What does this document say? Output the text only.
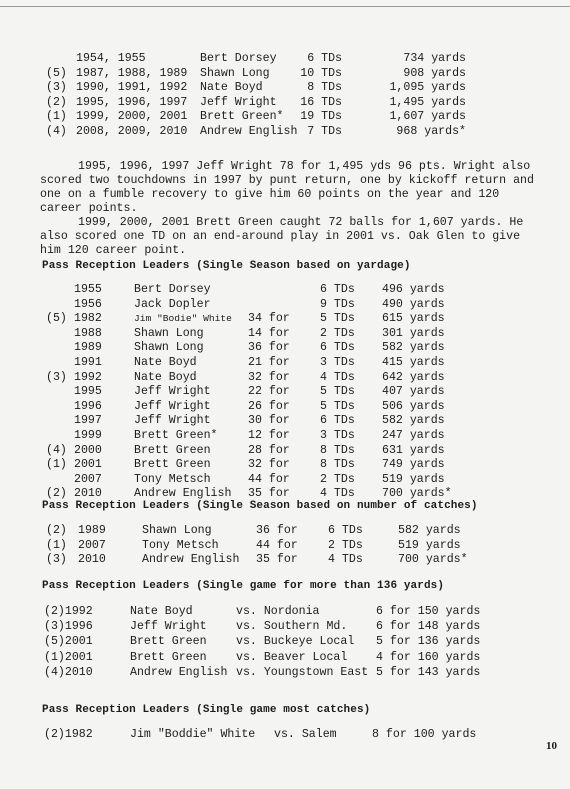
1954, 1955	Bert Dorsey	6 TDs	734 yards
(5) 1987, 1988, 1989 Shawn Long	10 TDs	908 yards
(3) 1990, 1991, 1992 Nate Boyd	8 TDs	1,095 yards
(2) 1995, 1996, 1997 Jeff Wright 16 TDs	1,495 yards
(1) 1999, 2000, 2001 Brett Green* 19 TDs	1,607 yards
(4) 2008, 2009, 2010 Andrew English 7 TDs	968 yards*
1995, 1996, 1997 Jeff Wright 78 for 1,495 yds 96 pts. Wright also scored two touchdowns in 1997 by punt return, one by kickoff return and one on a fumble recovery to give him 60 points on the year and 120 career points.
1999, 2000, 2001 Brett Green caught 72 balls for 1,607 yards. He also scored one TD on an end-around play in 2001 vs. Oak Glen to give him 120 career point.
Pass Reception Leaders (Single Season based on yardage)
1955	Bert Dorsey	6 TDs 496 yards
1956	Jack Dopler	9 TDs 490 yards
(5) 1982	Jim "Bodie" White 34 for	5 TDs 615 yards
1988	Shawn Long	14 for	2 TDs 301 yards
1989	Shawn Long	36 for	6 TDs 582 yards
1991	Nate Boyd	21 for	3 TDs 415 yards
(3) 1992	Nate Boyd	32 for	4 TDs 642 yards
1995	Jeff Wright	22 for	5 TDs 407 yards
1996	Jeff Wright	26 for	5 TDs 506 yards
1997	Jeff Wright	30 for	6 TDs 582 yards
1999	Brett Green*	12 for	3 TDs 247 yards
(4) 2000	Brett Green	28 for	8 TDs 631 yards
(1) 2001	Brett Green	32 for	8 TDs 749 yards
2007	Tony Metsch	44 for	2 TDs 519 yards
(2) 2010	Andrew English 35 for	4 TDs 700 yards*
Pass Reception Leaders (Single Season based on number of catches)
(2) 1989	Shawn Long	36 for	6 TDs	582 yards
(1) 2007	Tony Metsch	44 for	2 TDs	519 yards
(3) 2010	Andrew English 35 for	4 TDs	700 yards*
Pass Reception Leaders (Single game for more than 136 yards)
(2)1992	Nate Boyd	vs. Nordonia	6 for 150 yards
(3)1996	Jeff Wright	vs. Southern Md. 6 for 148 yards
(5)2001	Brett Green	vs. Buckeye Local 5 for 136 yards
(1)2001	Brett Green	vs. Beaver Local 4 for 160 yards
(4)2010	Andrew English vs. Youngstown East 5 for 143 yards
Pass Reception Leaders (Single game most catches)
(2)1982	Jim "Boddie" White vs. Salem	8 for 100 yards
10
